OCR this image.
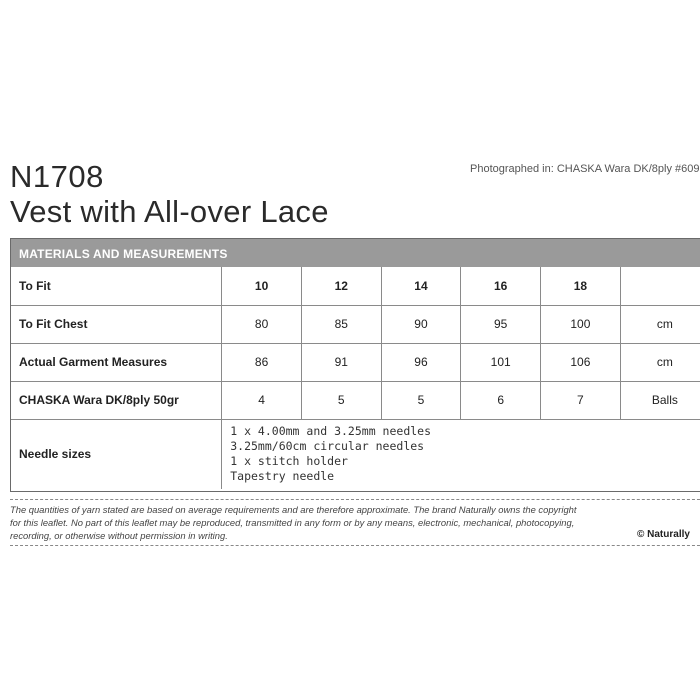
N1708
Vest with All-over Lace
Photographed in: CHASKA Wara DK/8ply #609
MATERIALS AND MEASUREMENTS
To Fit	10	12	14	16	18	
To Fit Chest	80	85	90	95	100	cm
Actual Garment Measures	86	91	96	101	106	cm
CHASKA Wara DK/8ply 50gr	4	5	5	6	7	Balls
Needle sizes	1 x 4.00mm and 3.25mm needles
3.25mm/60cm circular needles
1 x stitch holder
Tapestry needle					
The quantities of yarn stated are based on average requirements and are therefore approximate. The brand Naturally owns the copyright
for this leaflet. No part of this leaflet may be reproduced, transmitted in any form or by any means, electronic, mechanical, photocopying,
recording, or otherwise without permission in writing.	© Naturally
